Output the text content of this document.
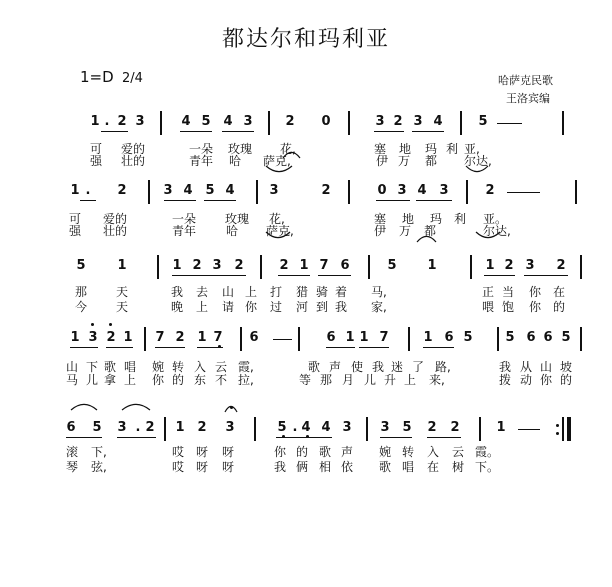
都达尔和玛利亚
1=D 2/4	哈萨克民歌
王洛宾编
1 . 2 3	4 5 4 3	2 0	3 2 3 4	5
可 爱的	一朵 玫瑰 花,	塞 地 玛 利 亚,
强 壮的	青年 哈 萨克,	伊 万 都 尔达,
1 . 2	3 4 5 4	3	2	0 3 4 3	2
可 爱的	一朵 玫瑰 花,	塞 地 玛 利 亚。
强 壮的	青年 哈 萨克,	伊 万 都	尔达,
5 1	1 2 3 2	2 1 7 6	5 1	1 2 3 2
那 天	我 去 山 上 打 猎 骑 着 马,	正 当 你 在
今 天	晚 上 请 你 过 河 到 我 家,	喂 饱 你 的
1 3 2 1 7 2 1 7 6	6 1 1 7	1 6 5	5 6 6 5
山 下 歌 唱 婉 转 入 云 霞,	歌 声 使 我 迷 了 路,	我 从 山 坡
马 儿 拿 上 你 的 东 不 拉,	等 那 月 儿 升 上 来,	拨 动 你 的
6 5 3 . 2 1 2 3	5 . 4 4 3 3 5 2 2	1
滚 下,	哎 呀 呀	你 的 歌 声 婉 转 入 云 霞。
琴 弦,	哎 呀 呀	我 俩 相 依 歌 唱 在 树 下。
